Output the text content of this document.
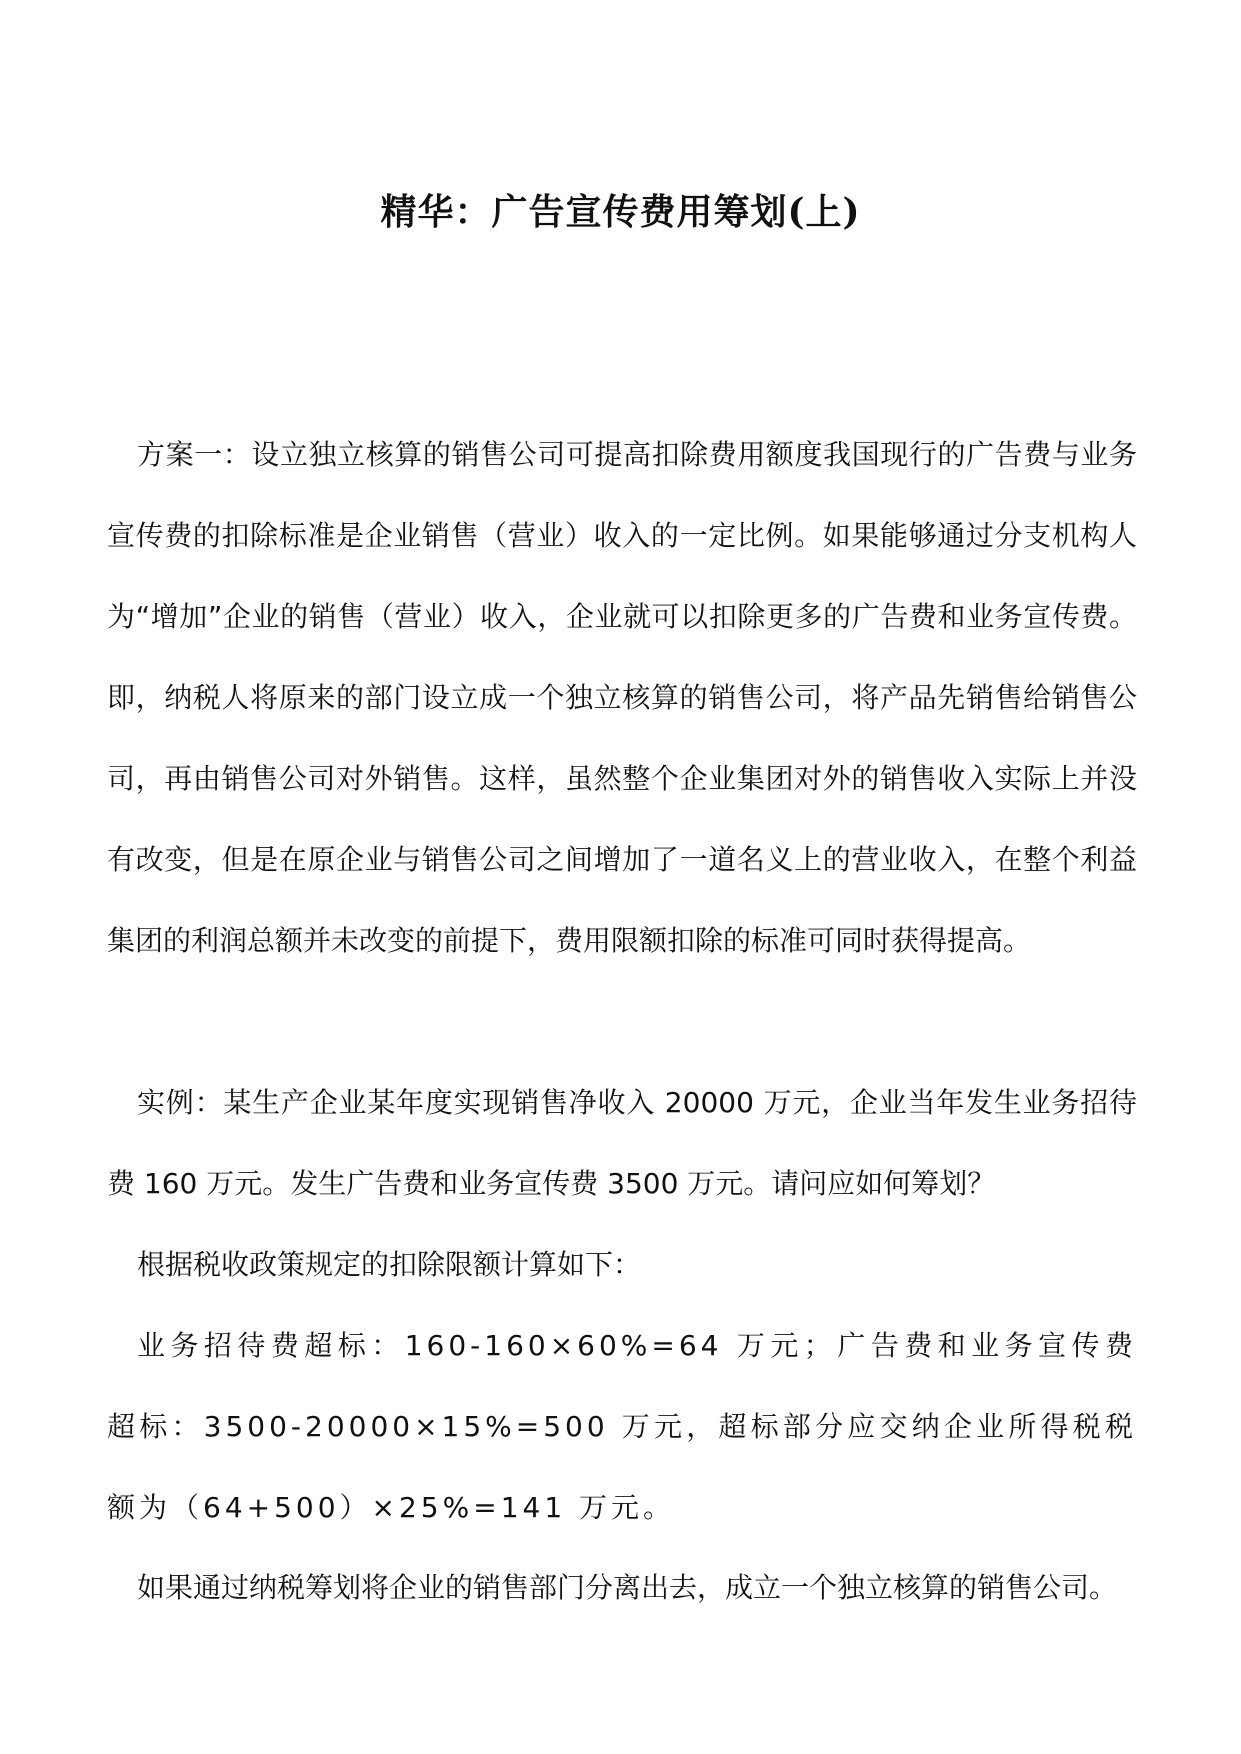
精华：广告宣传费用筹划(上)

方案一：设立独立核算的销售公司可提高扣除费用额度我国现行的广告费与业务宣传费的扣除标准是企业销售（营业）收入的一定比例。如果能够通过分支机构人为“增加”企业的销售（营业）收入，企业就可以扣除更多的广告费和业务宣传费。即，纳税人将原来的部门设立成一个独立核算的销售公司，将产品先销售给销售公司，再由销售公司对外销售。这样，虽然整个企业集团对外的销售收入实际上并没有改变，但是在原企业与销售公司之间增加了一道名义上的营业收入，在整个利益集团的利润总额并未改变的前提下，费用限额扣除的标准可同时获得提高。

实例：某生产企业某年度实现销售净收入 20000 万元，企业当年发生业务招待费 160 万元。发生广告费和业务宣传费 3500 万元。请问应如何筹划？

根据税收政策规定的扣除限额计算如下：

业务招待费超标：160-160×60%=64 万元；广告费和业务宣传费超标：3500-20000×15%=500 万元，超标部分应交纳企业所得税税额为（64+500）×25%=141 万元。

如果通过纳税筹划将企业的销售部门分离出去，成立一个独立核算的销售公司。
